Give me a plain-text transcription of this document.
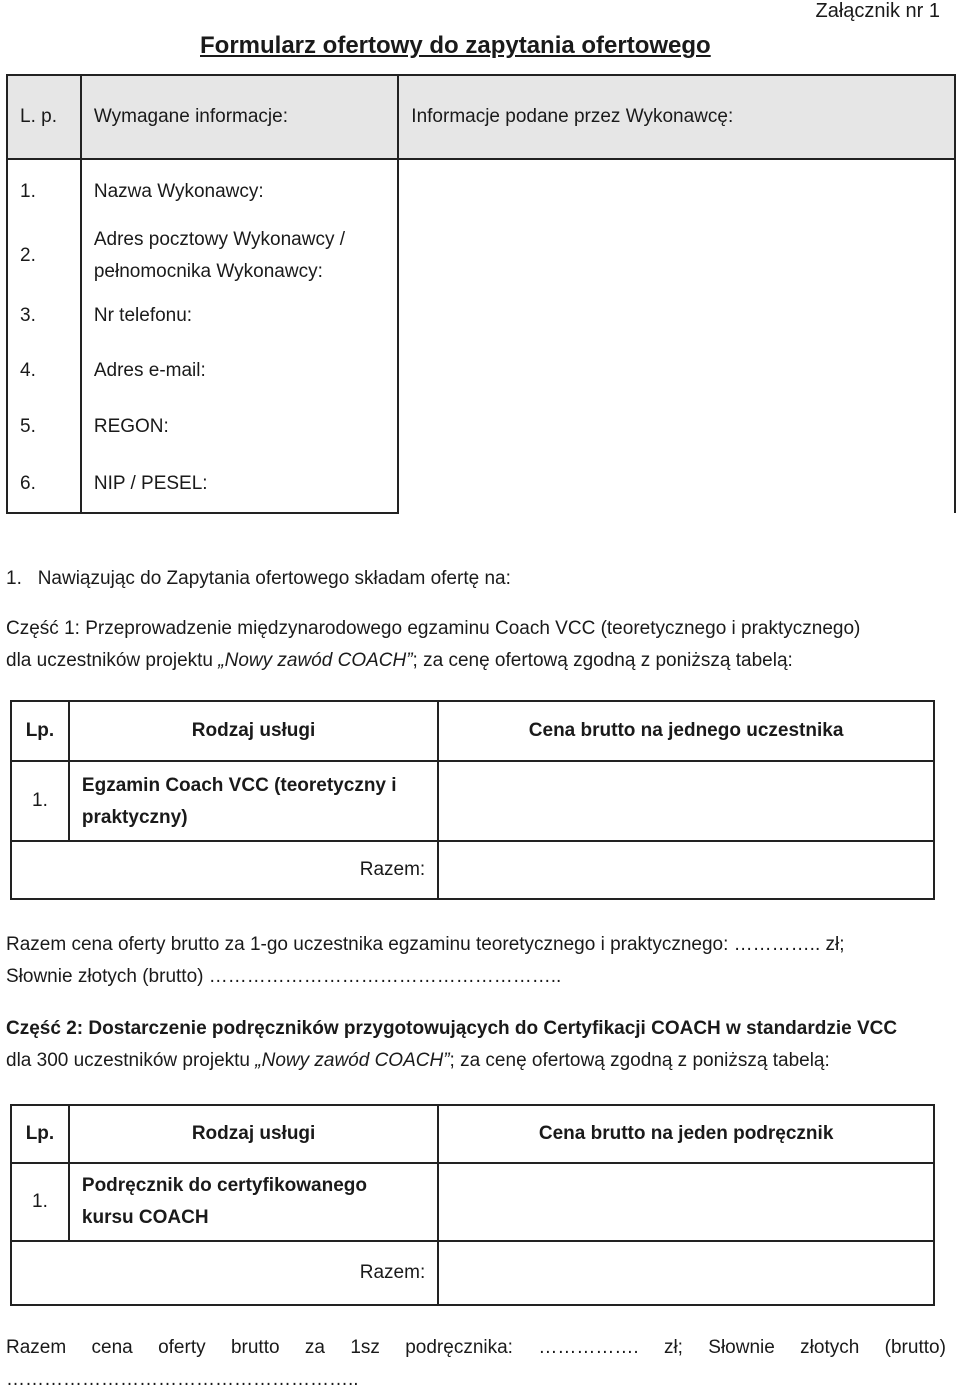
Załącznik nr 1
Formularz ofertowy do zapytania ofertowego
L. p.	Wymagane informacje:	Informacje podane przez Wykonawcę:
1.	Nazwa Wykonawcy:	
2.	Adres pocztowy Wykonawcy /
pełnomocnika Wykonawcy:	

3.	Nr telefonu:	
4.	Adres e-mail:	
5.	REGON:	
6.	NIP / PESEL:	
1. Nawiązując do Zapytania ofertowego składam ofertę na:
Część 1: Przeprowadzenie międzynarodowego egzaminu Coach VCC (teoretycznego i praktycznego)
dla uczestników projektu „Nowy zawód COACH”; za cenę ofertową zgodną z poniższą tabelą:
Lp.	Rodzaj usługi	Cena brutto na jednego uczestnika
1.	Egzamin Coach VCC (teoretyczny i
praktyczny)	

Razem:		
Razem cena oferty brutto za 1-go uczestnika egzaminu teoretycznego i praktycznego: ………….. zł;
Słownie złotych (brutto) ………………………………………………..
Część 2: Dostarczenie podręczników przygotowujących do Certyfikacji COACH w standardzie VCC
dla 300 uczestników projektu „Nowy zawód COACH”; za cenę ofertową zgodną z poniższą tabelą:
Lp.	Rodzaj usługi	Cena brutto na jeden podręcznik
1.	Podręcznik do certyfikowanego
kursu COACH	

Razem:		
Razem cena oferty brutto za 1sz podręcznika: ……………. zł; Słownie złotych (brutto)
………………………………………………..
